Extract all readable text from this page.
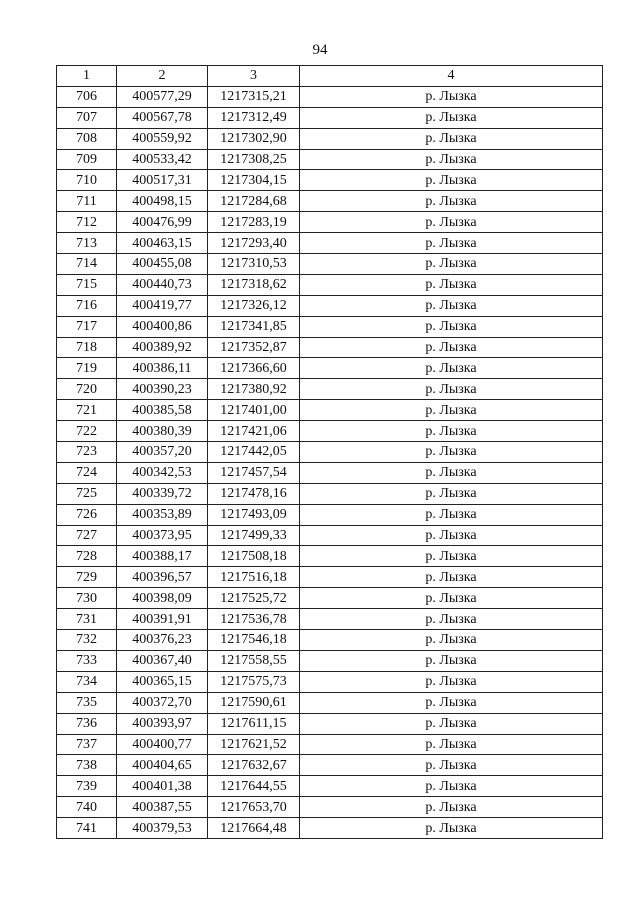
94
1	2	3	4
706	400577,29	1217315,21	р. Лызка
707	400567,78	1217312,49	р. Лызка
708	400559,92	1217302,90	р. Лызка
709	400533,42	1217308,25	р. Лызка
710	400517,31	1217304,15	р. Лызка
711	400498,15	1217284,68	р. Лызка
712	400476,99	1217283,19	р. Лызка
713	400463,15	1217293,40	р. Лызка
714	400455,08	1217310,53	р. Лызка
715	400440,73	1217318,62	р. Лызка
716	400419,77	1217326,12	р. Лызка
717	400400,86	1217341,85	р. Лызка
718	400389,92	1217352,87	р. Лызка
719	400386,11	1217366,60	р. Лызка
720	400390,23	1217380,92	р. Лызка
721	400385,58	1217401,00	р. Лызка
722	400380,39	1217421,06	р. Лызка
723	400357,20	1217442,05	р. Лызка
724	400342,53	1217457,54	р. Лызка
725	400339,72	1217478,16	р. Лызка
726	400353,89	1217493,09	р. Лызка
727	400373,95	1217499,33	р. Лызка
728	400388,17	1217508,18	р. Лызка
729	400396,57	1217516,18	р. Лызка
730	400398,09	1217525,72	р. Лызка
731	400391,91	1217536,78	р. Лызка
732	400376,23	1217546,18	р. Лызка
733	400367,40	1217558,55	р. Лызка
734	400365,15	1217575,73	р. Лызка
735	400372,70	1217590,61	р. Лызка
736	400393,97	1217611,15	р. Лызка
737	400400,77	1217621,52	р. Лызка
738	400404,65	1217632,67	р. Лызка
739	400401,38	1217644,55	р. Лызка
740	400387,55	1217653,70	р. Лызка
741	400379,53	1217664,48	р. Лызка
